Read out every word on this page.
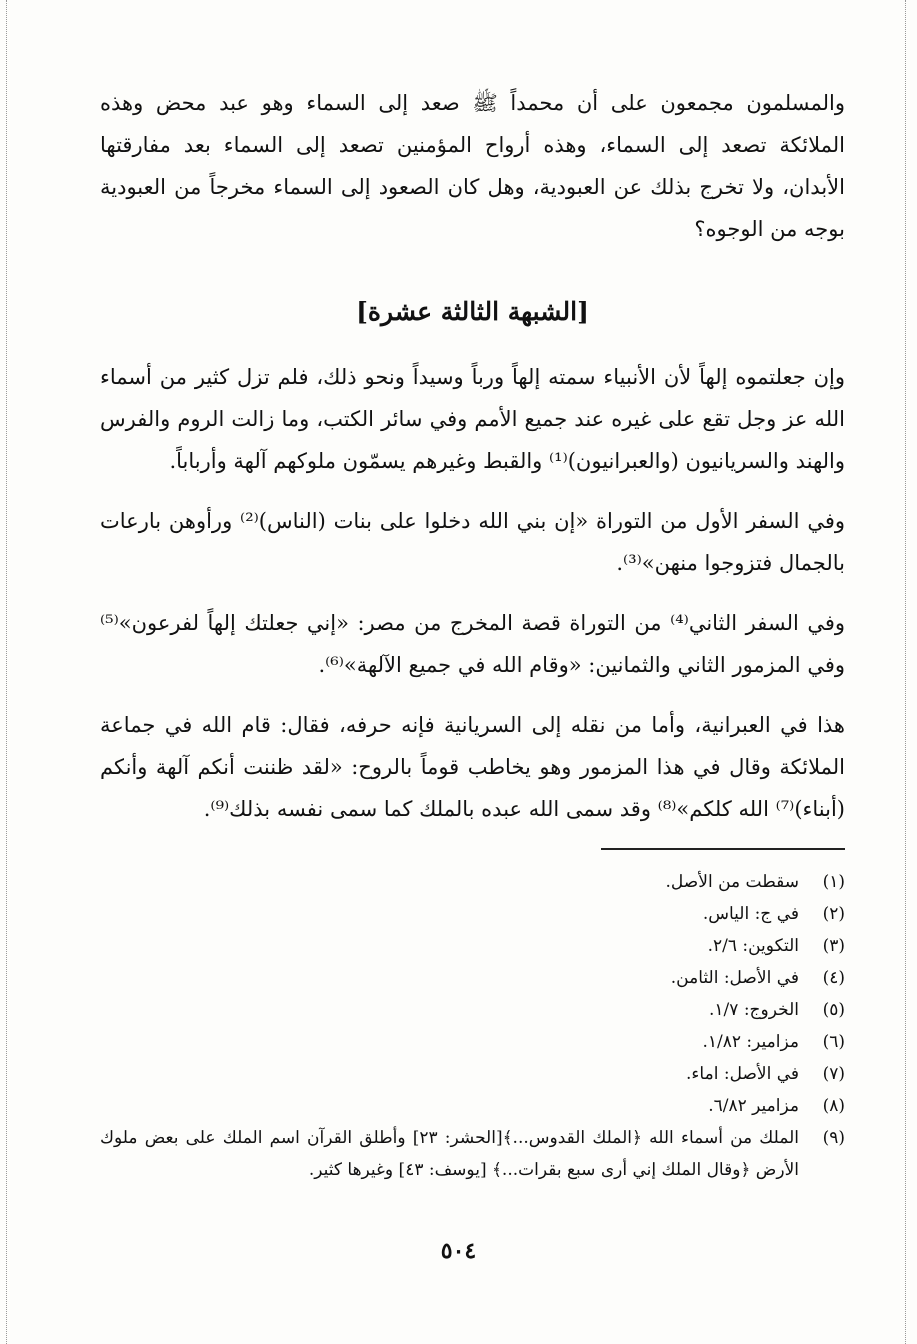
والمسلمون مجمعون على أن محمداً ﷺ صعد إلى السماء وهو عبد محض وهذه الملائكة تصعد إلى السماء، وهذه أرواح المؤمنين تصعد إلى السماء بعد مفارقتها الأبدان، ولا تخرج بذلك عن العبودية، وهل كان الصعود إلى السماء مخرجاً من العبودية بوجه من الوجوه؟

[الشبهة الثالثة عشرة]

وإن جعلتموه إلهاً لأن الأنبياء سمته إلهاً ورباً وسيداً ونحو ذلك، فلم تزل كثير من أسماء الله عز وجل تقع على غيره عند جميع الأمم وفي سائر الكتب، وما زالت الروم والفرس والهند والسريانيون (والعبرانيون)⁽¹⁾ والقبط وغيرهم يسمّون ملوكهم آلهة وأرباباً.

وفي السفر الأول من التوراة «إن بني الله دخلوا على بنات (الناس)⁽²⁾ ورأوهن بارعات بالجمال فتزوجوا منهن»⁽³⁾.

وفي السفر الثاني⁽⁴⁾ من التوراة قصة المخرج من مصر: «إني جعلتك إلهاً لفرعون»⁽⁵⁾ وفي المزمور الثاني والثمانين: «وقام الله في جميع الآلهة»⁽⁶⁾.

هذا في العبرانية، وأما من نقله إلى السريانية فإنه حرفه، فقال: قام الله في جماعة الملائكة وقال في هذا المزمور وهو يخاطب قوماً بالروح: «لقد ظننت أنكم آلهة وأنكم (أبناء)⁽⁷⁾ الله كلكم»⁽⁸⁾ وقد سمى الله عبده بالملك كما سمى نفسه بذلك⁽⁹⁾.

(١)
سقطت من الأصل.
(٢)
في ج: الياس.
(٣)
التكوين: ٢/٦.
(٤)
في الأصل: الثامن.
(٥)
الخروج: ١/٧.
(٦)
مزامير: ١/٨٢.
(٧)
في الأصل: اماء.
(٨)
مزامير ٦/٨٢.
(٩)
الملك من أسماء الله ﴿الملك القدوس...﴾[الحشر: ٢٣] وأطلق القرآن اسم الملك على بعض ملوك الأرض ﴿وقال الملك إني أرى سبع بقرات...﴾ [يوسف: ٤٣] وغيرها كثير.
٥٠٤
